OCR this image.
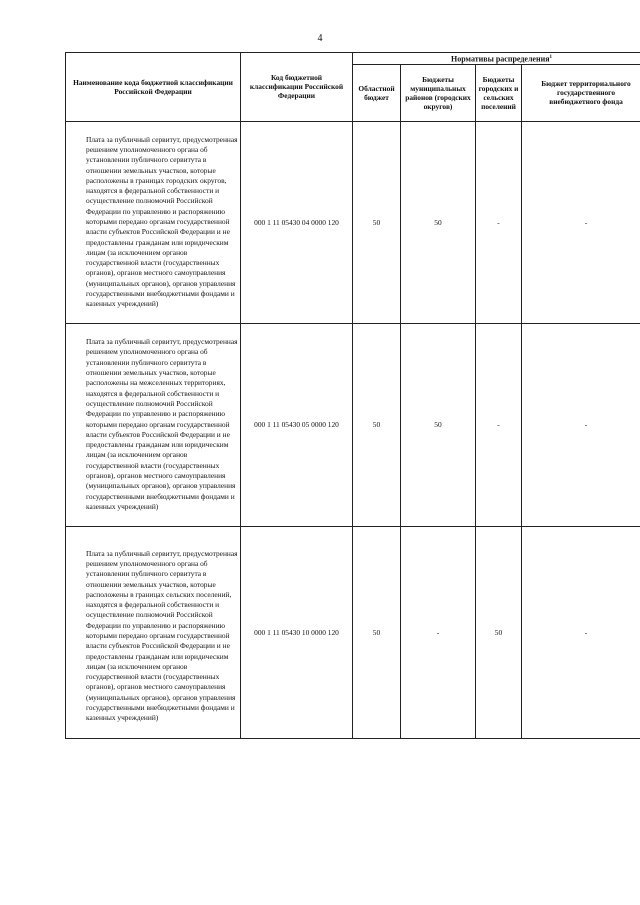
4
Наименование кода бюджетной классификации Российской Федерации	Код бюджетной классификации Российской Федерации	Нормативы распределения$^1$
		Областной бюджет	Бюджеты муниципальных районов (городских округов)	Бюджеты городских и сельских поселений	Бюджет территориального государственного внебюджетного фонда
Плата за публичный сервитут, предусмотренная решением уполномоченного органа об установлении публичного сервитута в отношении земельных участков, которые расположены в границах городских округов, находятся в федеральной собственности и осуществление полномочий Российской Федерации по управлению и распоряжению которыми передано органам государственной власти субъектов Российской Федерации и не предоставлены гражданам или юридическим лицам (за исключением органов государственной власти (государственных органов), органов местного самоуправления (муниципальных органов), органов управления государственными внебюджетными фондами и казенных учреждений)	000 1 11 05430 04 0000 120	50	50	-	-
Плата за публичный сервитут, предусмотренная решением уполномоченного органа об установлении публичного сервитута в отношении земельных участков, которые расположены на межселенных территориях, находятся в федеральной собственности и осуществление полномочий Российской Федерации по управлению и распоряжению которыми передано органам государственной власти субъектов Российской Федерации и не предоставлены гражданам или юридическим лицам (за исключением органов государственной власти (государственных органов), органов местного самоуправления (муниципальных органов), органов управления государственными внебюджетными фондами и казенных учреждений)	000 1 11 05430 05 0000 120	50	50	-	-
Плата за публичный сервитут, предусмотренная решением уполномоченного органа об установлении публичного сервитута в отношении земельных участков, которые расположены в границах сельских поселений, находятся в федеральной собственности и осуществление полномочий Российской Федерации по управлению и распоряжению которыми передано органам государственной власти субъектов Российской Федерации и не предоставлены гражданам или юридическим лицам (за исключением органов государственной власти (государственных органов), органов местного самоуправления (муниципальных органов), органов управления государственными внебюджетными фондами и казенных учреждений)	000 1 11 05430 10 0000 120	50	-	50	-
